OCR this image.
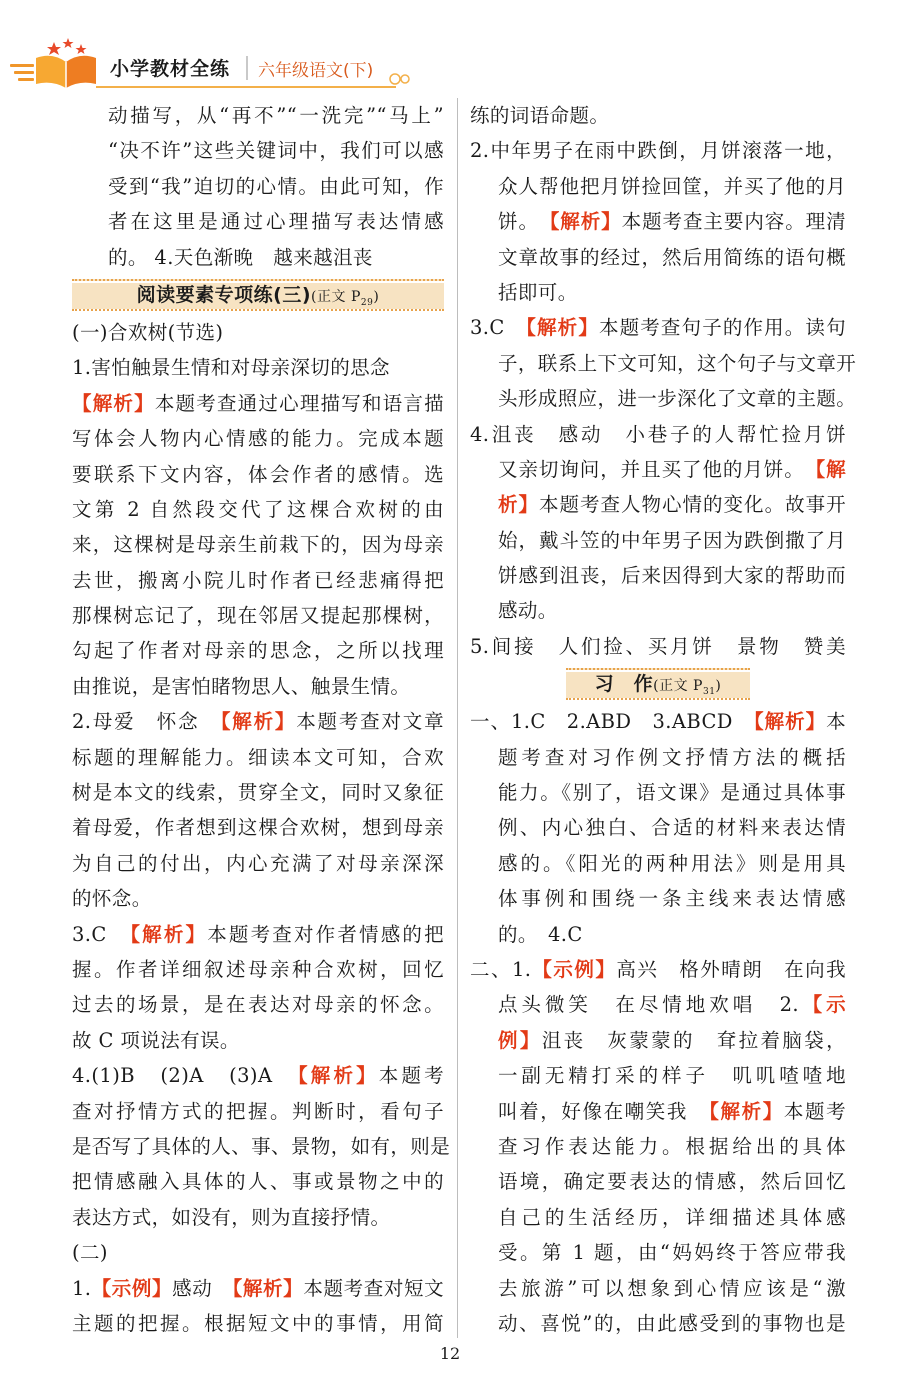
小学教材全练 六年级语文(下)
动描写，从“再不”“一洗完”“马上”
“决不许”这些关键词中，我们可以感
受到“我”迫切的心情。由此可知，作
者在这里是通过心理描写表达情感
的。 4.天色渐晚　越来越沮丧
阅读要素专项练(三)(正文 $P_{29}$)
(一)合欢树(节选)
1.害怕触景生情和对母亲深切的思念
【解析】本题考查通过心理描写和语言描
写体会人物内心情感的能力。完成本题
要联系下文内容，体会作者的感情。选
文第 2 自然段交代了这棵合欢树的由
来，这棵树是母亲生前栽下的，因为母亲
去世，搬离小院儿时作者已经悲痛得把
那棵树忘记了，现在邻居又提起那棵树，
勾起了作者对母亲的思念，之所以找理
由推说，是害怕睹物思人、触景生情。
2.母爱　怀念　【解析】本题考查对文章
标题的理解能力。细读本文可知，合欢
树是本文的线索，贯穿全文，同时又象征
着母爱，作者想到这棵合欢树，想到母亲
为自己的付出，内心充满了对母亲深深
的怀念。
3.C　【解析】本题考查对作者情感的把
握。作者详细叙述母亲种合欢树，回忆
过去的场景，是在表达对母亲的怀念。
故 C 项说法有误。
4.(1)B　(2)A　(3)A　【解析】本题考
查对抒情方式的把握。判断时，看句子
是否写了具体的人、事、景物，如有，则是
把情感融入具体的人、事或景物之中的
表达方式，如没有，则为直接抒情。
(二)
1.【示例】感动　【解析】本题考查对短文
主题的把握。根据短文中的事情，用简
练的词语命题。
2.中年男子在雨中跌倒，月饼滚落一地，
众人帮他把月饼捡回筐，并买了他的月
饼。　【解析】本题考查主要内容。理清
文章故事的经过，然后用简练的语句概
括即可。
3.C　【解析】本题考查句子的作用。读句
子，联系上下文可知，这个句子与文章开
头形成照应，进一步深化了文章的主题。
4.沮丧　感动　小巷子的人帮忙捡月饼
又亲切询问，并且买了他的月饼。　【解
析】本题考查人物心情的变化。故事开
始，戴斗笠的中年男子因为跌倒撒了月
饼感到沮丧，后来因得到大家的帮助而
感动。
5.间接　人们捡、买月饼　景物　赞美
习　作(正文 $P_{31}$)
一、1.C　2.ABD　3.ABCD　【解析】本
题考查对习作例文抒情方法的概括
能力。《别了，语文课》是通过具体事
例、内心独白、合适的材料来表达情
感的。《阳光的两种用法》则是用具
体事例和围绕一条主线来表达情感
的。　4.C
二、1.【示例】高兴　格外晴朗　在向我
点头微笑　在尽情地欢唱　2.【示
例】沮丧　灰蒙蒙的　耷拉着脑袋，
一副无精打采的样子　叽叽喳喳地
叫着，好像在嘲笑我　【解析】本题考
查习作表达能力。根据给出的具体
语境，确定要表达的情感，然后回忆
自己的生活经历，详细描述具体感
受。第 1 题，由“妈妈终于答应带我
去旅游”可以想象到心情应该是“激
动、喜悦”的，由此感受到的事物也是
12
